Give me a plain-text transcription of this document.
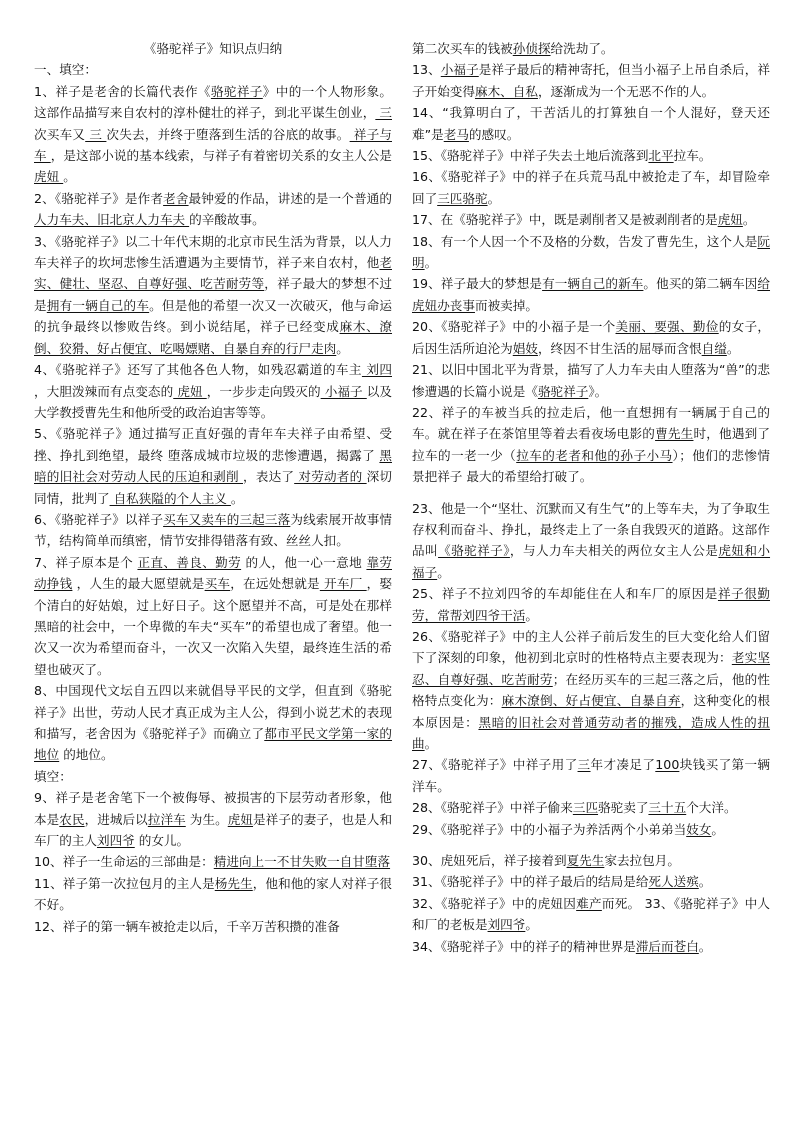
《骆驼祥子》知识点归纳

一、填空：

1、祥子是老舍的长篇代表作《骆驼祥子》中的一个人物形象。这部作品描写来自农村的淳朴健壮的祥子，到北平谋生创业， 三 次买车又 三 次失去，并终于堕落到生活的谷底的故事。 祥子与车 ，是这部小说的基本线索，与祥子有着密切关系的女主人公是 虎妞 。

2、《骆驼祥子》是作者老舍最钟爱的作品，讲述的是一个普通的 人力车夫、旧北京人力车夫 的辛酸故事。

3、《骆驼祥子》以二十年代末期的北京市民生活为背景，以人力车夫祥子的坎坷悲惨生活遭遇为主要情节，祥子来自农村，他老实、健壮、坚忍、自尊好强、吃苦耐劳等，祥子最大的梦想不过是拥有一辆自己的车。但是他的希望一次又一次破灭，他与命运的抗争最终以惨败告终。到小说结尾，祥子已经变成麻木、潦倒、狡猾、好占便宜、吃喝嫖赌、自暴自弃的行尸走肉。

4、《骆驼祥子》还写了其他各色人物，如残忍霸道的车主 刘四 ，大胆泼辣而有点变态的 虎妞 ，一步步走向毁灭的 小福子 以及大学教授曹先生和他所受的政治迫害等等。

5、《骆驼祥子》通过描写正直好强的青年车夫祥子由希望、受挫、挣扎到绝望，最终 堕落成城市垃圾的悲惨遭遇，揭露了 黑暗的旧社会对劳动人民的压迫和剥削 ，表达了 对劳动者的 深切同情，批判了 自私狭隘的个人主义 。

6、《骆驼祥子》以祥子买车又卖车的三起三落为线索展开故事情节，结构简单而缜密，情节安排得错落有致、丝丝人扣。

7、祥子原本是个 正直、善良、勤劳 的人，他一心一意地 靠劳动挣钱 ，人生的最大愿望就是买车，在远处想就是 开车厂 ，娶个清白的好姑娘，过上好日子。这个愿望并不高，可是处在那样黑暗的社会中，一个卑微的车夫“买车”的希望也成了奢望。他一次又一次为希望而奋斗，一次又一次陷入失望，最终连生活的希望也破灭了。

8、中国现代文坛自五四以来就倡导平民的文学，但直到《骆驼祥子》出世，劳动人民才真正成为主人公，得到小说艺术的表现和描写，老舍因为《骆驼祥子》而确立了都市平民文学第一家的地位 的地位。

填空：

9、祥子是老舍笔下一个被侮辱、被损害的下层劳动者形象，他本是农民，进城后以拉洋车 为生。虎妞是祥子的妻子，也是人和车厂的主人刘四爷 的女儿。

10、祥子一生命运的三部曲是：精进向上一不甘失败一自甘堕落

11、祥子第一次拉包月的主人是杨先生，他和他的家人对祥子很不好。

12、祥子的第一辆车被抢走以后，千辛万苦积攒的准备

第二次买车的钱被孙侦探给洗劫了。

13、小福子是祥子最后的精神寄托，但当小福子上吊自杀后，祥子开始变得麻木、自私，逐渐成为一个无恶不作的人。

14、“我算明白了，干苦活儿的打算独自一个人混好，登天还难”是老马的感叹。

15、《骆驼祥子》中祥子失去土地后流落到北平拉车。

16、《骆驼祥子》中的祥子在兵荒马乱中被抢走了车，却冒险牵回了三匹骆驼。

17、在《骆驼祥子》中，既是剥削者又是被剥削者的是虎妞。

18、有一个人因一个不及格的分数，告发了曹先生，这个人是阮明。

19、祥子最大的梦想是有一辆自己的新车。他买的第二辆车因给虎妞办丧事而被卖掉。

20、《骆驼祥子》中的小福子是一个美丽、要强、勤俭的女子，后因生活所迫沦为娼妓，终因不甘生活的屈辱而含恨自缢。

21、以旧中国北平为背景，描写了人力车夫由人堕落为“兽”的悲惨遭遇的长篇小说是《骆驼祥子》。

22、祥子的车被当兵的拉走后，他一直想拥有一辆属于自己的车。就在祥子在茶馆里等着去看夜场电影的曹先生时，他遇到了拉车的一老一少（拉车的老者和他的孙子小马）；他们的悲惨情景把祥子 最大的希望给打破了。

23、他是一个“坚壮、沉默而又有生气”的上等车夫，为了争取生存权利而奋斗、挣扎，最终走上了一条自我毁灭的道路。这部作品叫《骆驼祥子》，与人力车夫相关的两位女主人公是虎妞和小福子。

25、祥子不拉刘四爷的车却能住在人和车厂的原因是祥子很勤劳，常帮刘四爷干活。

26、《骆驼祥子》中的主人公祥子前后发生的巨大变化给人们留下了深刻的印象，他初到北京时的性格特点主要表现为：老实坚忍、自尊好强、吃苦耐劳；在经历买车的三起三落之后，他的性格特点变化为：麻木潦倒、好占便宜、自暴自弃，这种变化的根本原因是：黑暗的旧社会对普通劳动者的摧残，造成人性的扭曲。

27、《骆驼祥子》中祥子用了三年才凑足了100块钱买了第一辆洋车。

28、《骆驼祥子》中祥子偷来三匹骆驼卖了三十五个大洋。

29、《骆驼祥子》中的小福子为养活两个小弟弟当妓女。

30、虎妞死后，祥子接着到夏先生家去拉包月。

31、《骆驼祥子》中的祥子最后的结局是给死人送殡。

32、《骆驼祥子》中的虎妞因难产而死。 33、《骆驼祥子》中人和厂的老板是刘四爷。

34、《骆驼祥子》中的祥子的精神世界是滞后而苍白。
